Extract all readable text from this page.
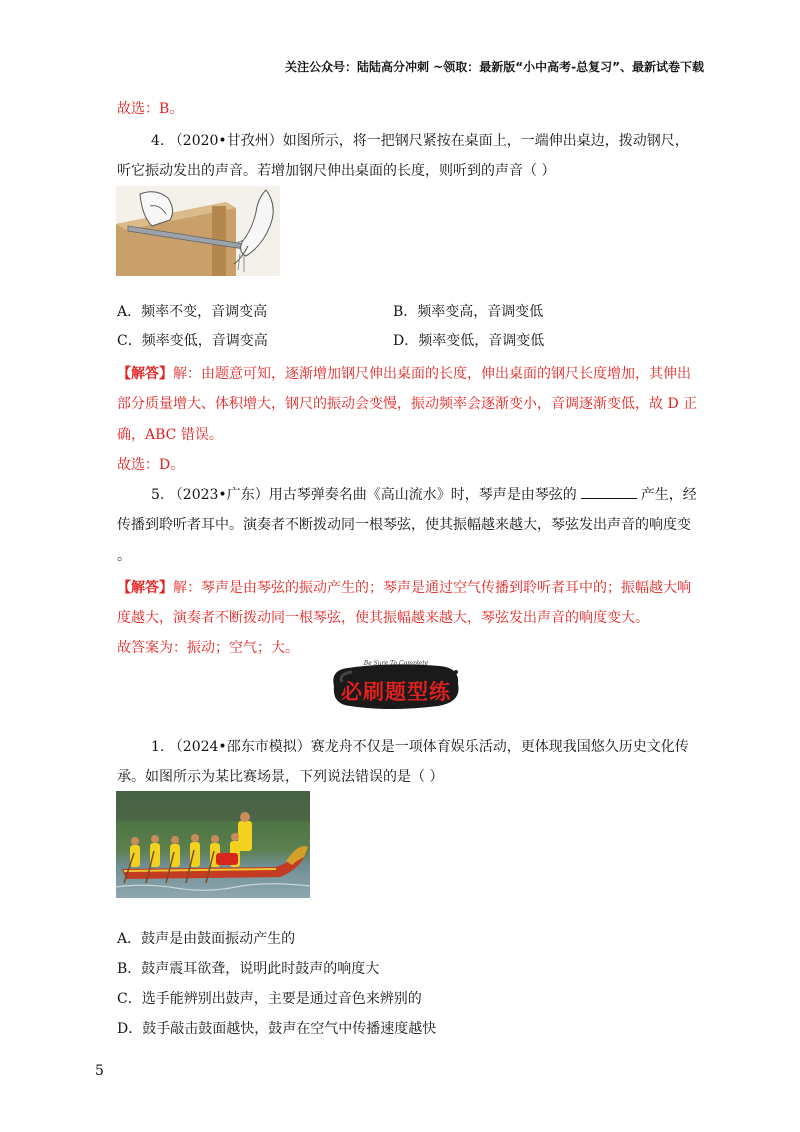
关注公众号：陆陆高分冲刺 ~领取：最新版“小中高考-总复习”、最新试卷下载
故选：B。
4. （2020•甘孜州）如图所示，将一把钢尺紧按在桌面上，一端伸出桌边，拨动钢尺，
听它振动发出的声音。若增加钢尺伸出桌面的长度，则听到的声音（ ）
A．频率不变，音调变高	B．频率变高，音调变低
C．频率变低，音调变高	D．频率变低，音调变低
【解答】解：由题意可知，逐渐增加钢尺伸出桌面的长度，伸出桌面的钢尺长度增加，其伸出
部分质量增大、体积增大，钢尺的振动会变慢，振动频率会逐渐变小，音调逐渐变低，故 D 正
确，ABC 错误。
故选：D。
5. （2023•广东）用古琴弹奏名曲《高山流水》时，琴声是由琴弦的	产生，经
传播到聆听者耳中。演奏者不断拨动同一根琴弦，使其振幅越来越大，琴弦发出声音的响度变
。
【解答】解：琴声是由琴弦的振动产生的；琴声是通过空气传播到聆听者耳中的；振幅越大响
度越大，演奏者不断拨动同一根琴弦，使其振幅越来越大，琴弦发出声音的响度变大。
故答案为：振动；空气；大。
Be Sure To Complete
必刷题型练
1. （2024•邵东市模拟）赛龙舟不仅是一项体育娱乐活动，更体现我国悠久历史文化传
承。如图所示为某比赛场景，下列说法错误的是（ ）
A．鼓声是由鼓面振动产生的
B．鼓声震耳欲聋，说明此时鼓声的响度大
C．选手能辨别出鼓声，主要是通过音色来辨别的
D．鼓手敲击鼓面越快，鼓声在空气中传播速度越快
5
